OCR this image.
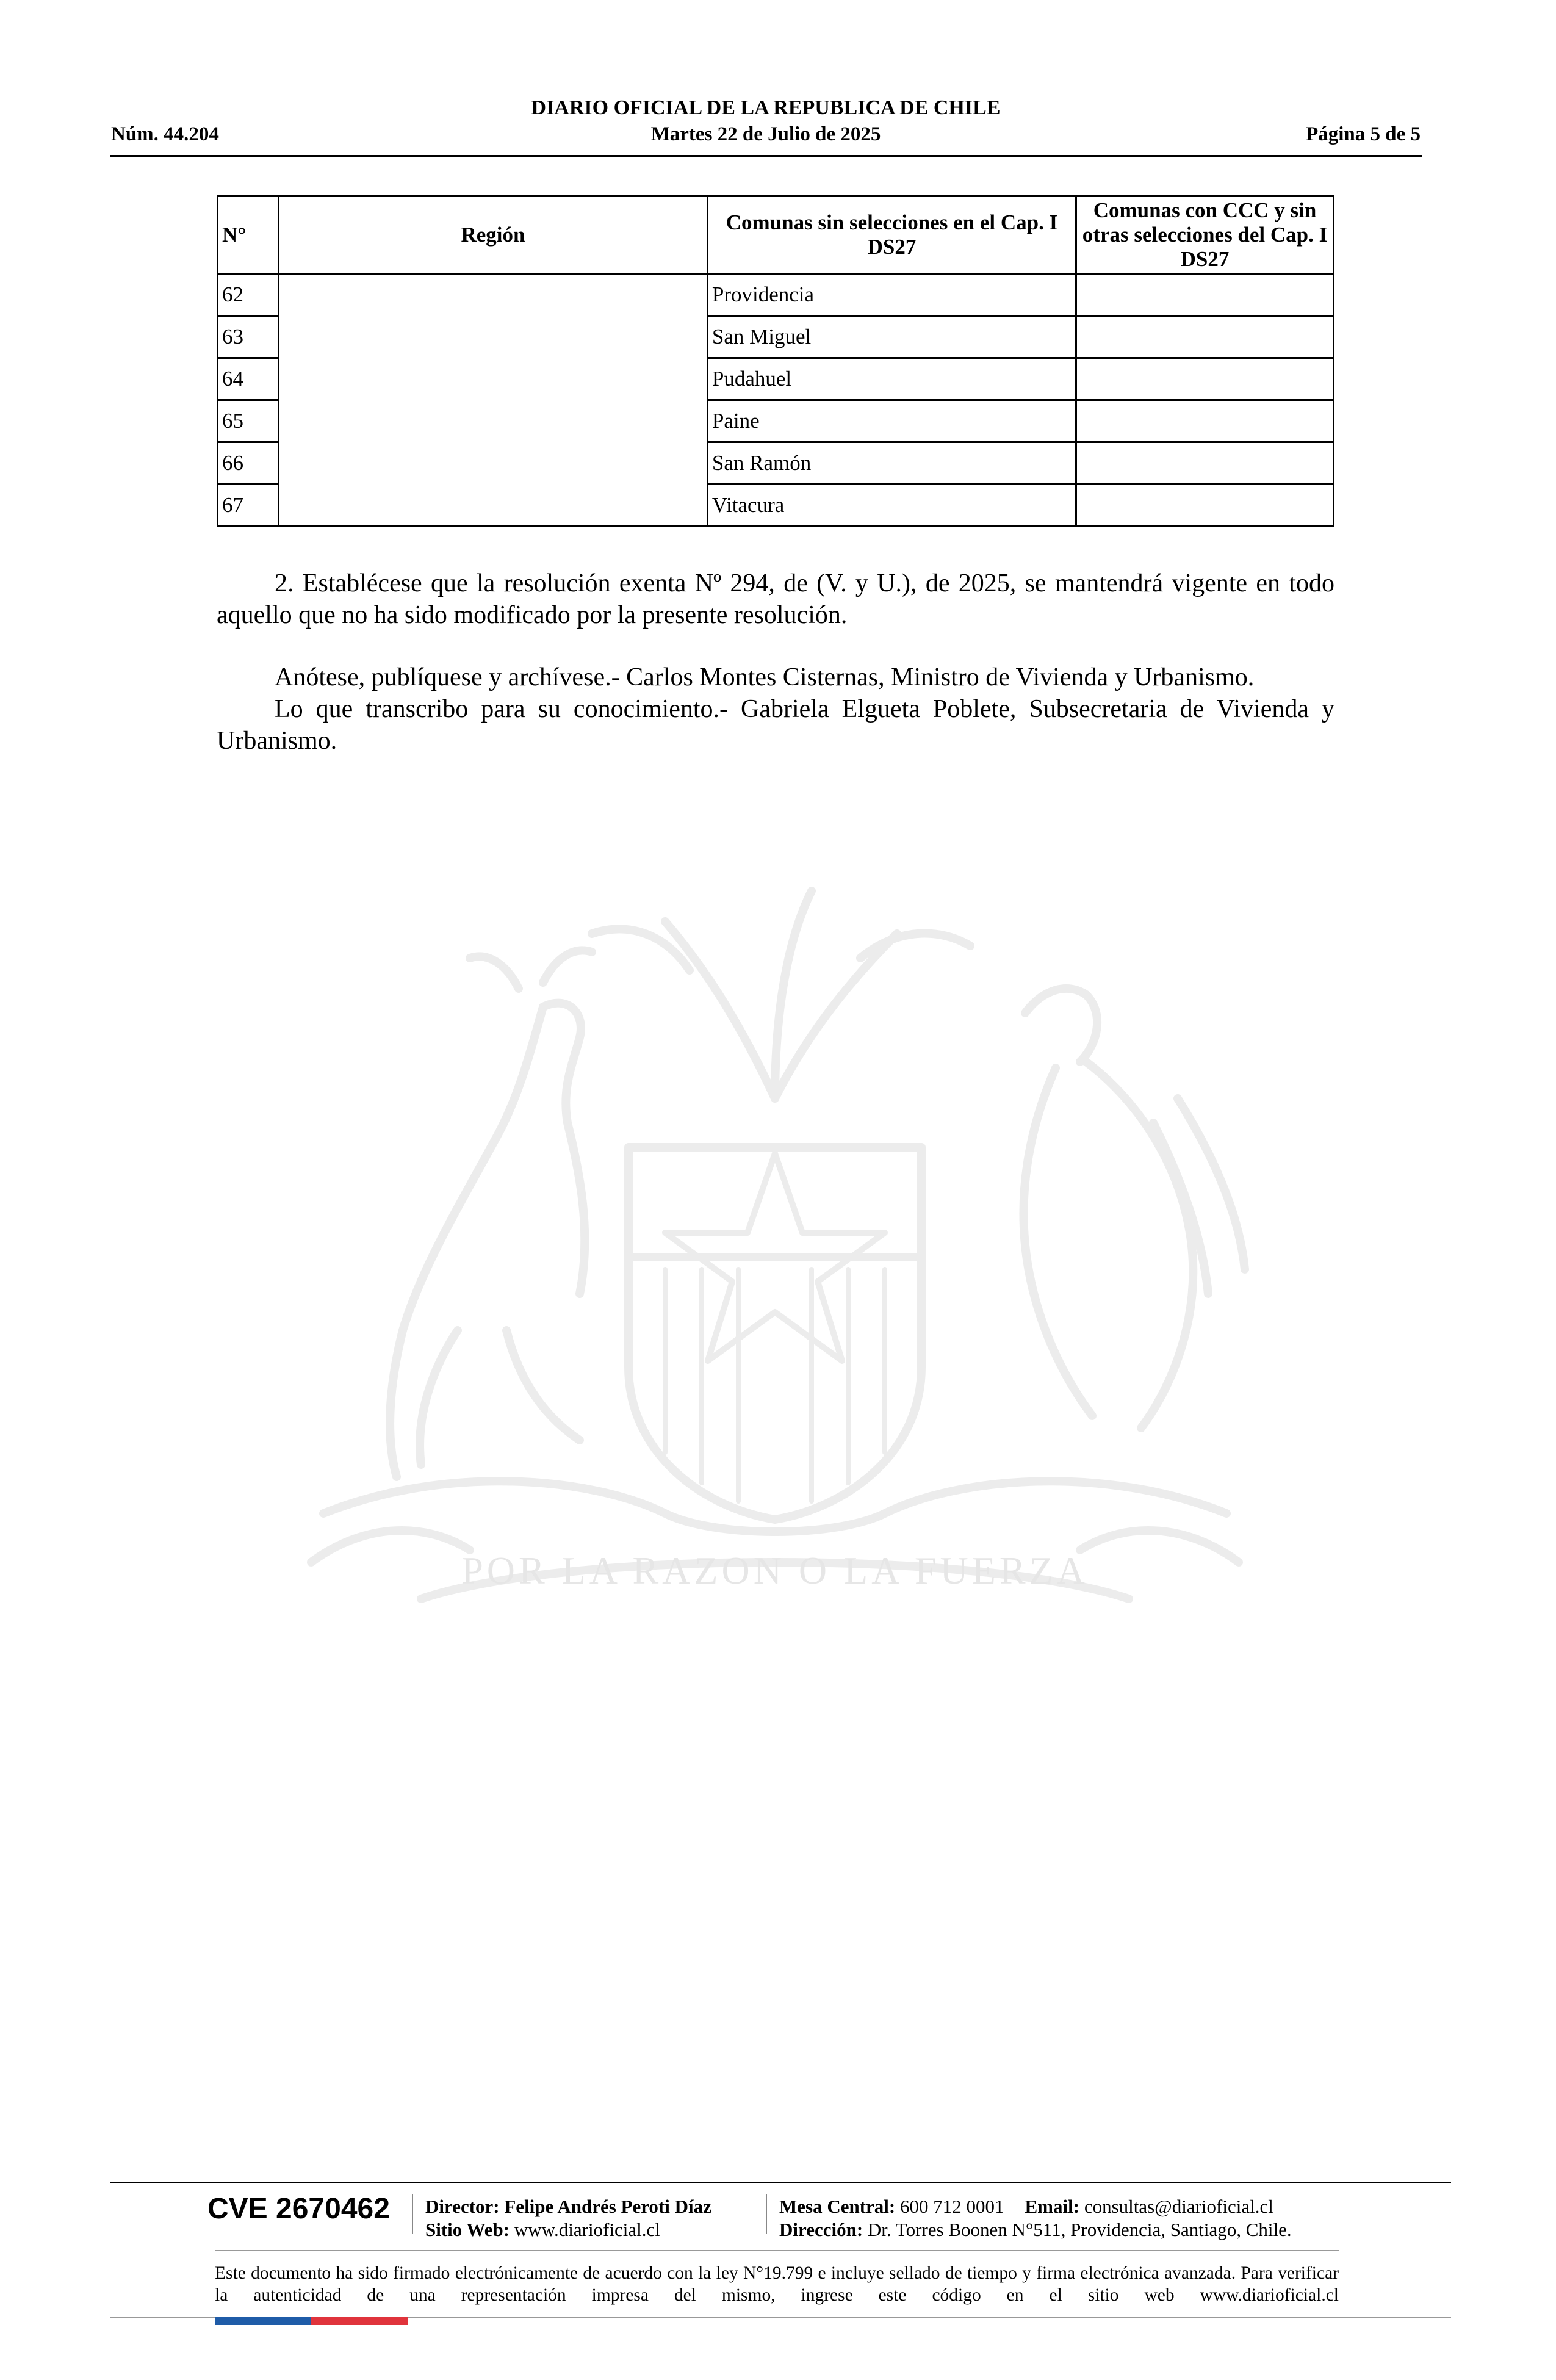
DIARIO OFICIAL DE LA REPUBLICA DE CHILE
Núm. 44.204	Martes 22 de Julio de 2025	Página 5 de 5
POR LA RAZON O LA FUERZA
N°	Región	Comunas sin selecciones en el Cap. I DS27	Comunas con CCC y sin otras selecciones del Cap. I DS27
62		Providencia	
63		San Miguel	
64		Pudahuel	
65		Paine	
66		San Ramón	
67		Vitacura	

2. Establécese que la resolución exenta Nº 294, de (V. y U.), de 2025, se mantendrá vigente en todo aquello que no ha sido modificado por la presente resolución.

Anótese, publíquese y archívese.- Carlos Montes Cisternas, Ministro de Vivienda y Urbanismo.

Lo que transcribo para su conocimiento.- Gabriela Elgueta Poblete, Subsecretaria de Vivienda y Urbanismo.

CVE 2670462 Director: Felipe Andrés Peroti Díaz
Sitio Web: www.diarioficial.cl
Mesa Central: 600 712 0001 Email: consultas@diarioficial.cl
Dirección: Dr. Torres Boonen N°511, Providencia, Santiago, Chile.
Este documento ha sido firmado electrónicamente de acuerdo con la ley N°19.799 e incluye sellado de tiempo y firma electrónica avanzada. Para verificar la autenticidad de una representación impresa del mismo, ingrese este código en el sitio web www.diarioficial.cl
